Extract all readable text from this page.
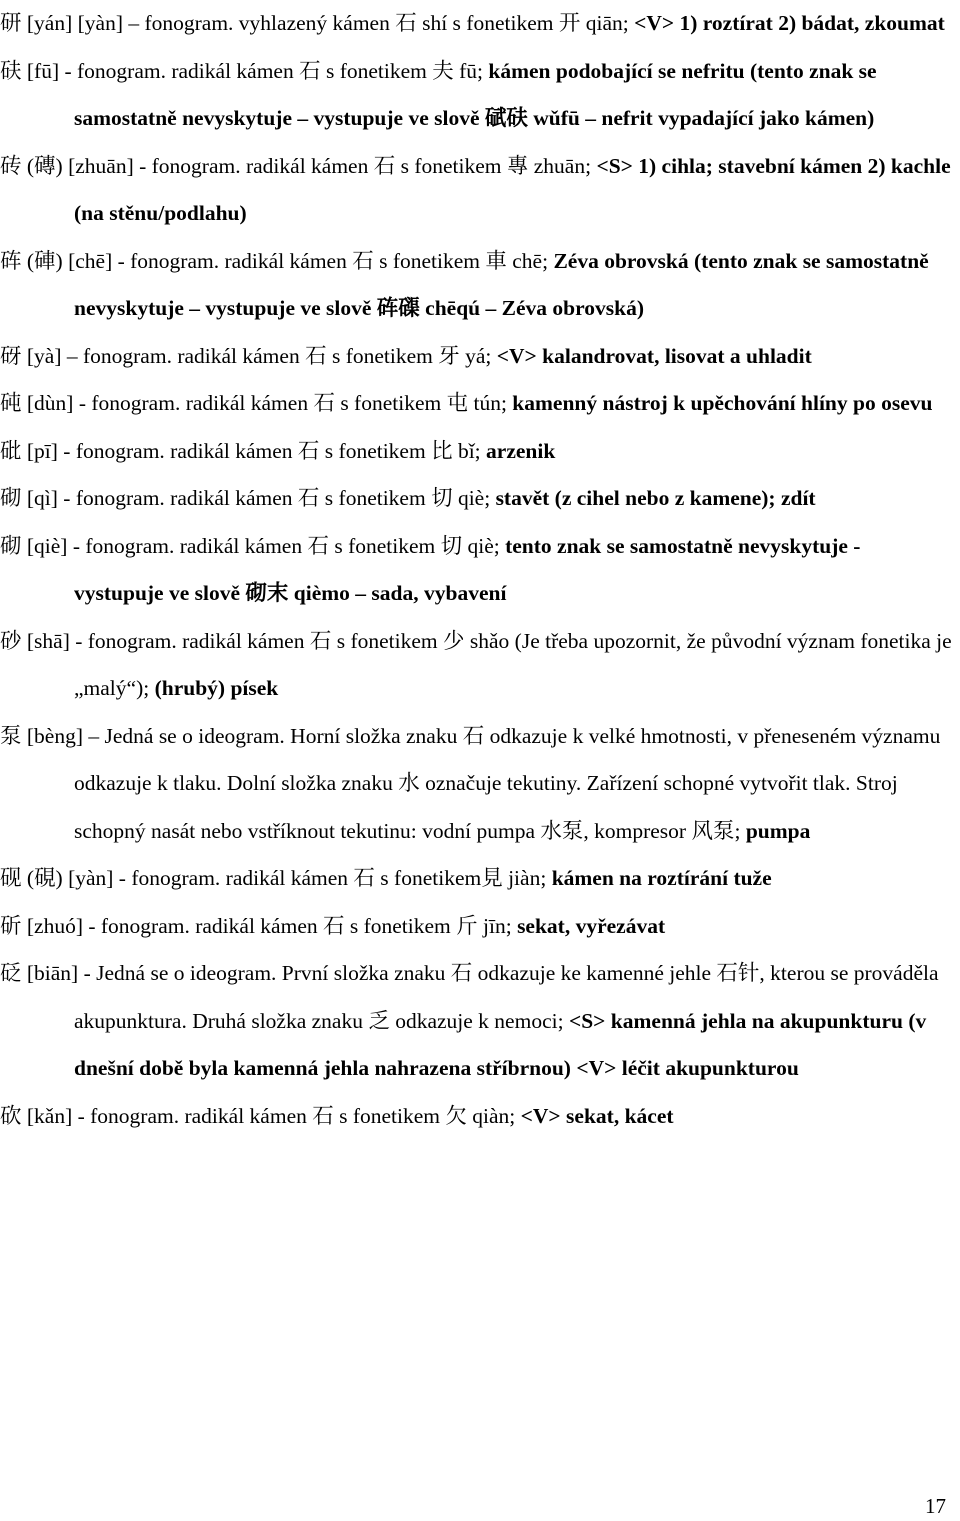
研 [yán] [yàn] – fonogram. vyhlazený kámen 石 shí s fonetikem 开 qiān; <V> 1) roztírat 2) bádat, zkoumat

砆 [fū] - fonogram. radikál kámen 石 s fonetikem 夫 fū; kámen podobající se nefritu (tento znak se samostatně nevyskytuje – vystupuje ve slově 碔砆 wǔfū – nefrit vypadající jako kámen)

砖 (磚) [zhuān] - fonogram. radikál kámen 石 s fonetikem 專 zhuān; <S> 1) cihla; stavební kámen 2) kachle (na stěnu/podlahu)

砗 (硨) [chē] - fonogram. radikál kámen 石 s fonetikem 車 chē; Zéva obrovská (tento znak se samostatně nevyskytuje – vystupuje ve slově 砗磲 chēqú – Zéva obrovská)

砑 [yà] – fonogram. radikál kámen 石 s fonetikem 牙 yá; <V> kalandrovat, lisovat a uhladit

砘 [dùn] - fonogram. radikál kámen 石 s fonetikem 屯 tún; kamenný nástroj k upěchování hlíny po osevu

砒 [pī] - fonogram. radikál kámen 石 s fonetikem 比 bǐ; arzenik

砌 [qì] - fonogram. radikál kámen 石 s fonetikem 切 qiè; stavět (z cihel nebo z kamene); zdít

砌 [qiè] - fonogram. radikál kámen 石 s fonetikem 切 qiè; tento znak se samostatně nevyskytuje - vystupuje ve slově 砌末 qièmo – sada, vybavení

砂 [shā] - fonogram. radikál kámen 石 s fonetikem 少 shǎo (Je třeba upozornit, že původní význam fonetika je „malý“); (hrubý) písek

泵 [bèng] – Jedná se o ideogram. Horní složka znaku 石 odkazuje k velké hmotnosti, v přeneseném významu odkazuje k tlaku. Dolní složka znaku 水 označuje tekutiny. Zařízení schopné vytvořit tlak. Stroj schopný nasát nebo vstříknout tekutinu: vodní pumpa 水泵, kompresor 风泵; pumpa

砚 (硯) [yàn] - fonogram. radikál kámen 石 s fonetikem見 jiàn; kámen na roztírání tuže

斫 [zhuó] - fonogram. radikál kámen 石 s fonetikem 斤 jīn; sekat, vyřezávat

砭 [biān] - Jedná se o ideogram. První složka znaku 石 odkazuje ke kamenné jehle 石针, kterou se prováděla akupunktura. Druhá složka znaku 乏 odkazuje k nemoci; <S> kamenná jehla na akupunkturu (v dnešní době byla kamenná jehla nahrazena stříbrnou) <V> léčit akupunkturou

砍 [kǎn] - fonogram. radikál kámen 石 s fonetikem 欠 qiàn; <V> sekat, kácet

17
